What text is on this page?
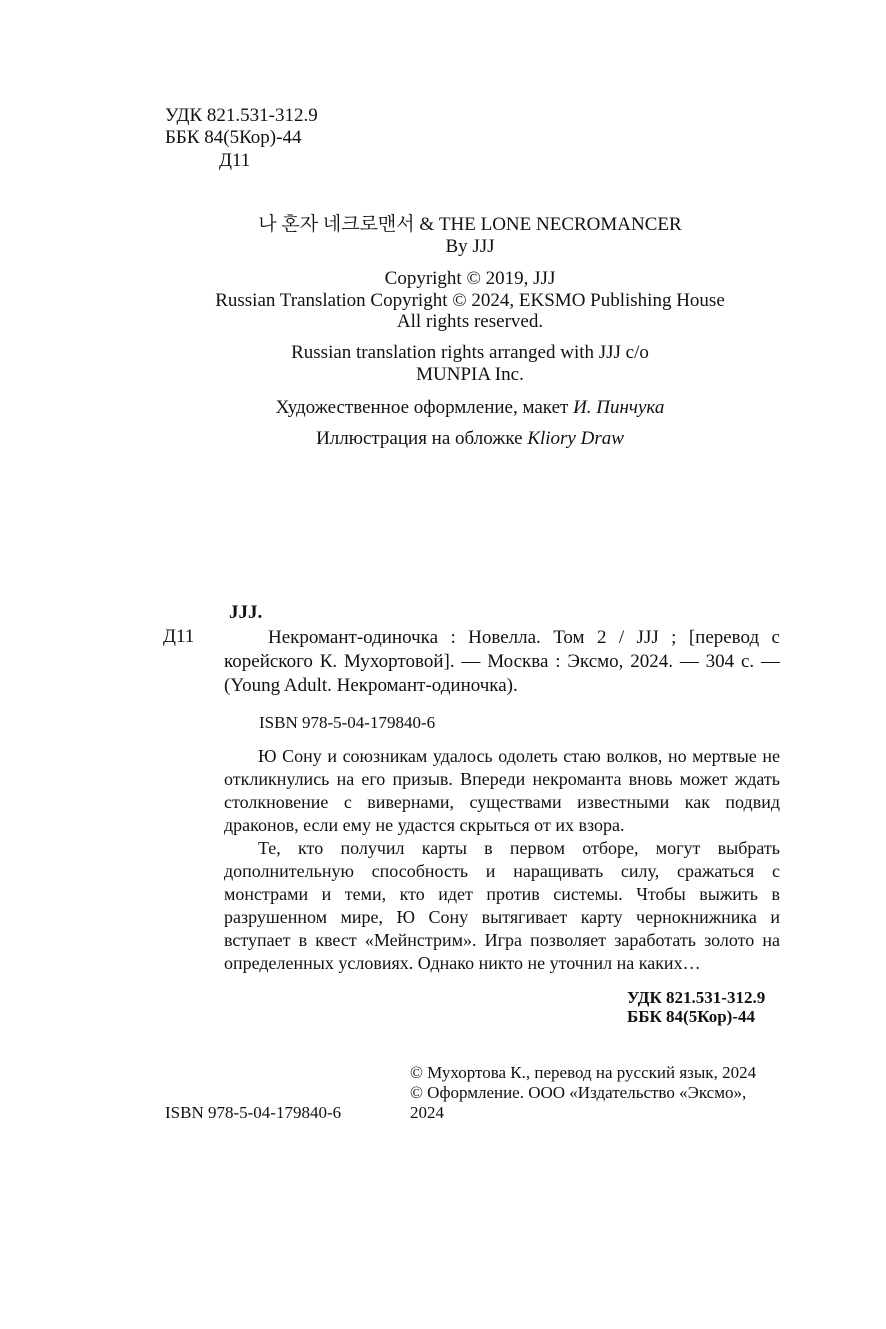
УДК 821.531-312.9
ББК 84(5Кор)-44
Д11
나 혼자 네크로맨서 & THE LONE NECROMANCER
By JJJ
Copyright © 2019, JJJ
Russian Translation Copyright © 2024, EKSMO Publishing House
All rights reserved.
Russian translation rights arranged with JJJ c/o
MUNPIA Inc.
Художественное оформление, макет И. Пинчука
Иллюстрация на обложке Kliory Draw
JJJ.
Д11	Некромант-одиночка : Новелла. Том 2 / JJJ ; [перевод с корейского К. Мухортовой]. — Москва : Эксмо, 2024. — 304 с. — (Young Adult. Некромант-одиночка).

ISBN 978-5-04-179840-6

Ю Сону и союзникам удалось одолеть стаю волков, но мертвые не откликнулись на его призыв. Впереди некроманта вновь может ждать столкновение с вивернами, существами известными как подвид драконов, если ему не удастся скрыться от их взора.

Те, кто получил карты в первом отборе, могут выбрать дополнительную способность и наращивать силу, сражаться с монстрами и теми, кто идет против системы. Чтобы выжить в разрушенном мире, Ю Сону вытягивает карту чернокнижника и вступает в квест «Мейнстрим». Игра позволяет заработать золото на определенных условиях. Однако никто не уточнил на каких…

УДК 821.531-312.9
ББК 84(5Кор)-44
ISBN 978-5-04-179840-6
© Мухортова К., перевод на русский язык, 2024
© Оформление. ООО «Издательство «Эксмо», 2024
